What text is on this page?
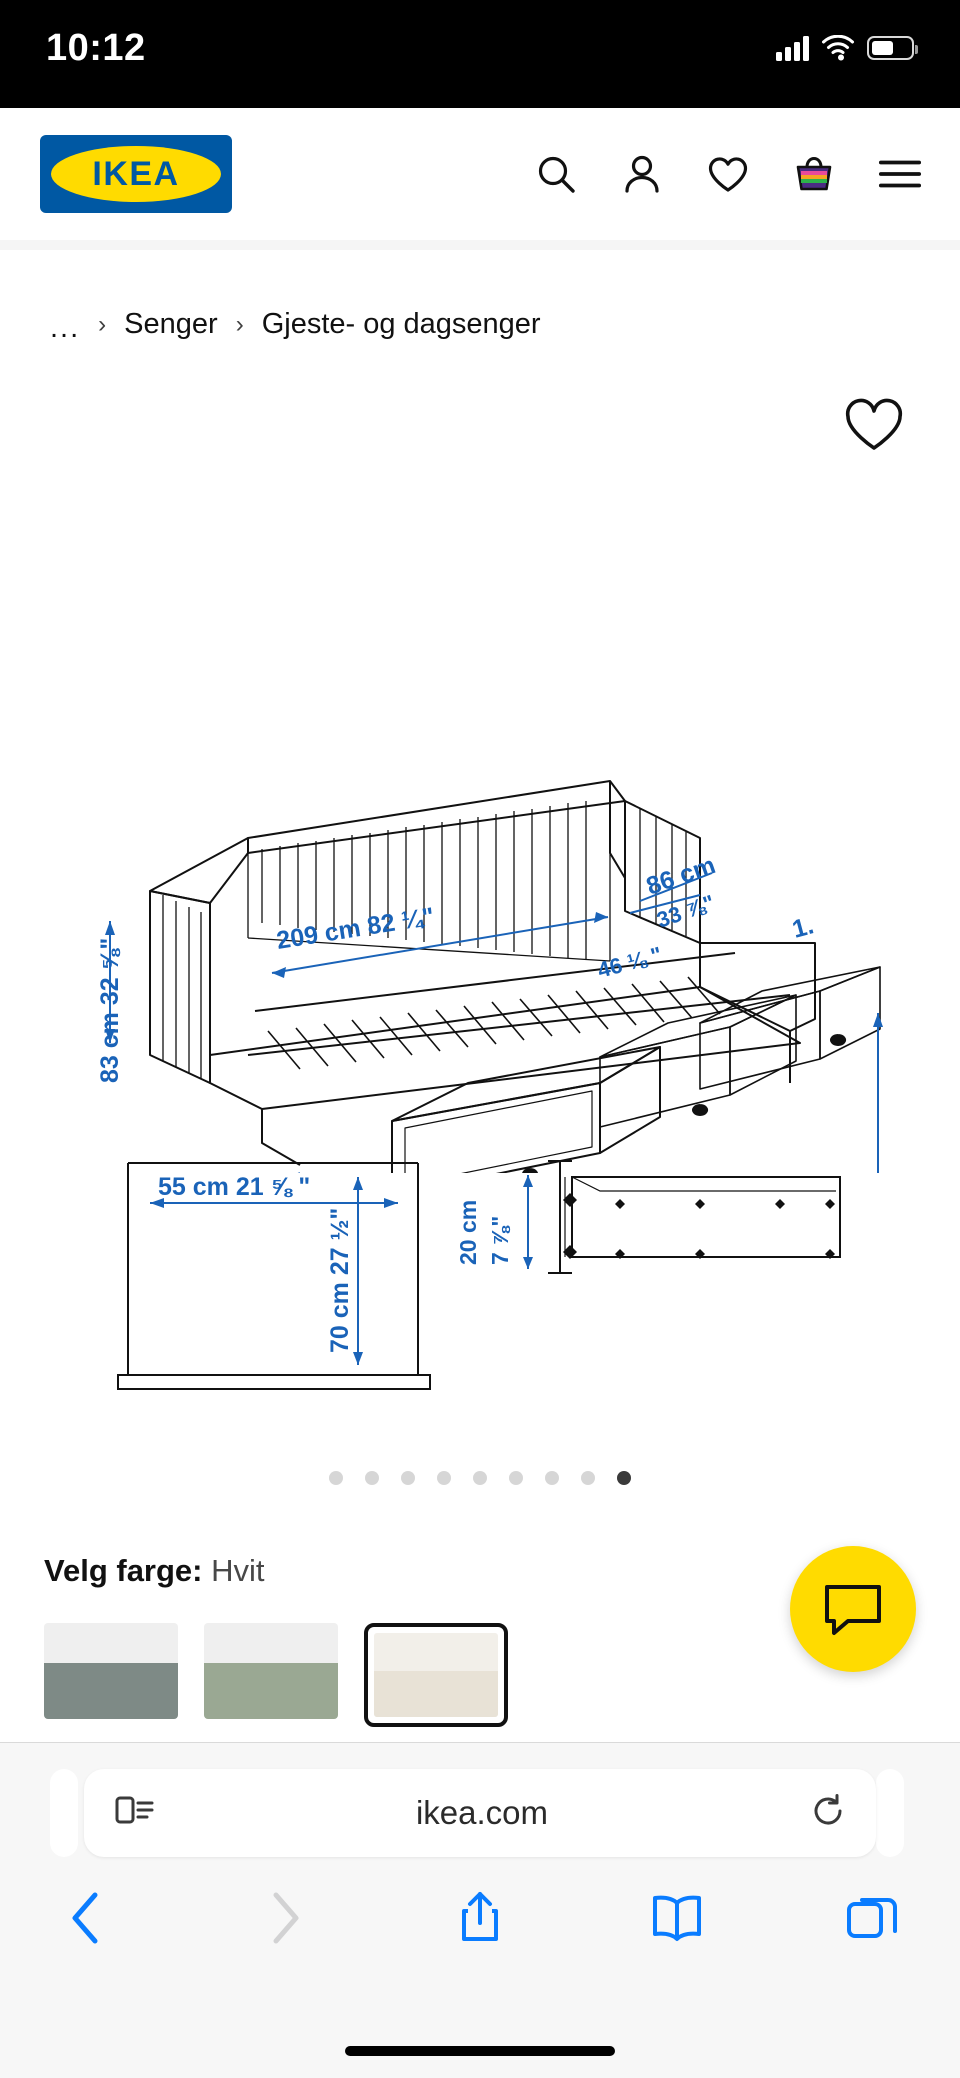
10:12
IKEA
... › Senger › Gjeste- og dagsenger
209 cm 82 ¼"
86 cm
33 ⅞"	1.
46 ⅛ "
83 cm 32 ⅝"
55 cm 21 ⅝ "
70 cm 27 ½"	20 cm 7 ⅞"
Velg farge: Hvit
ikea.com
